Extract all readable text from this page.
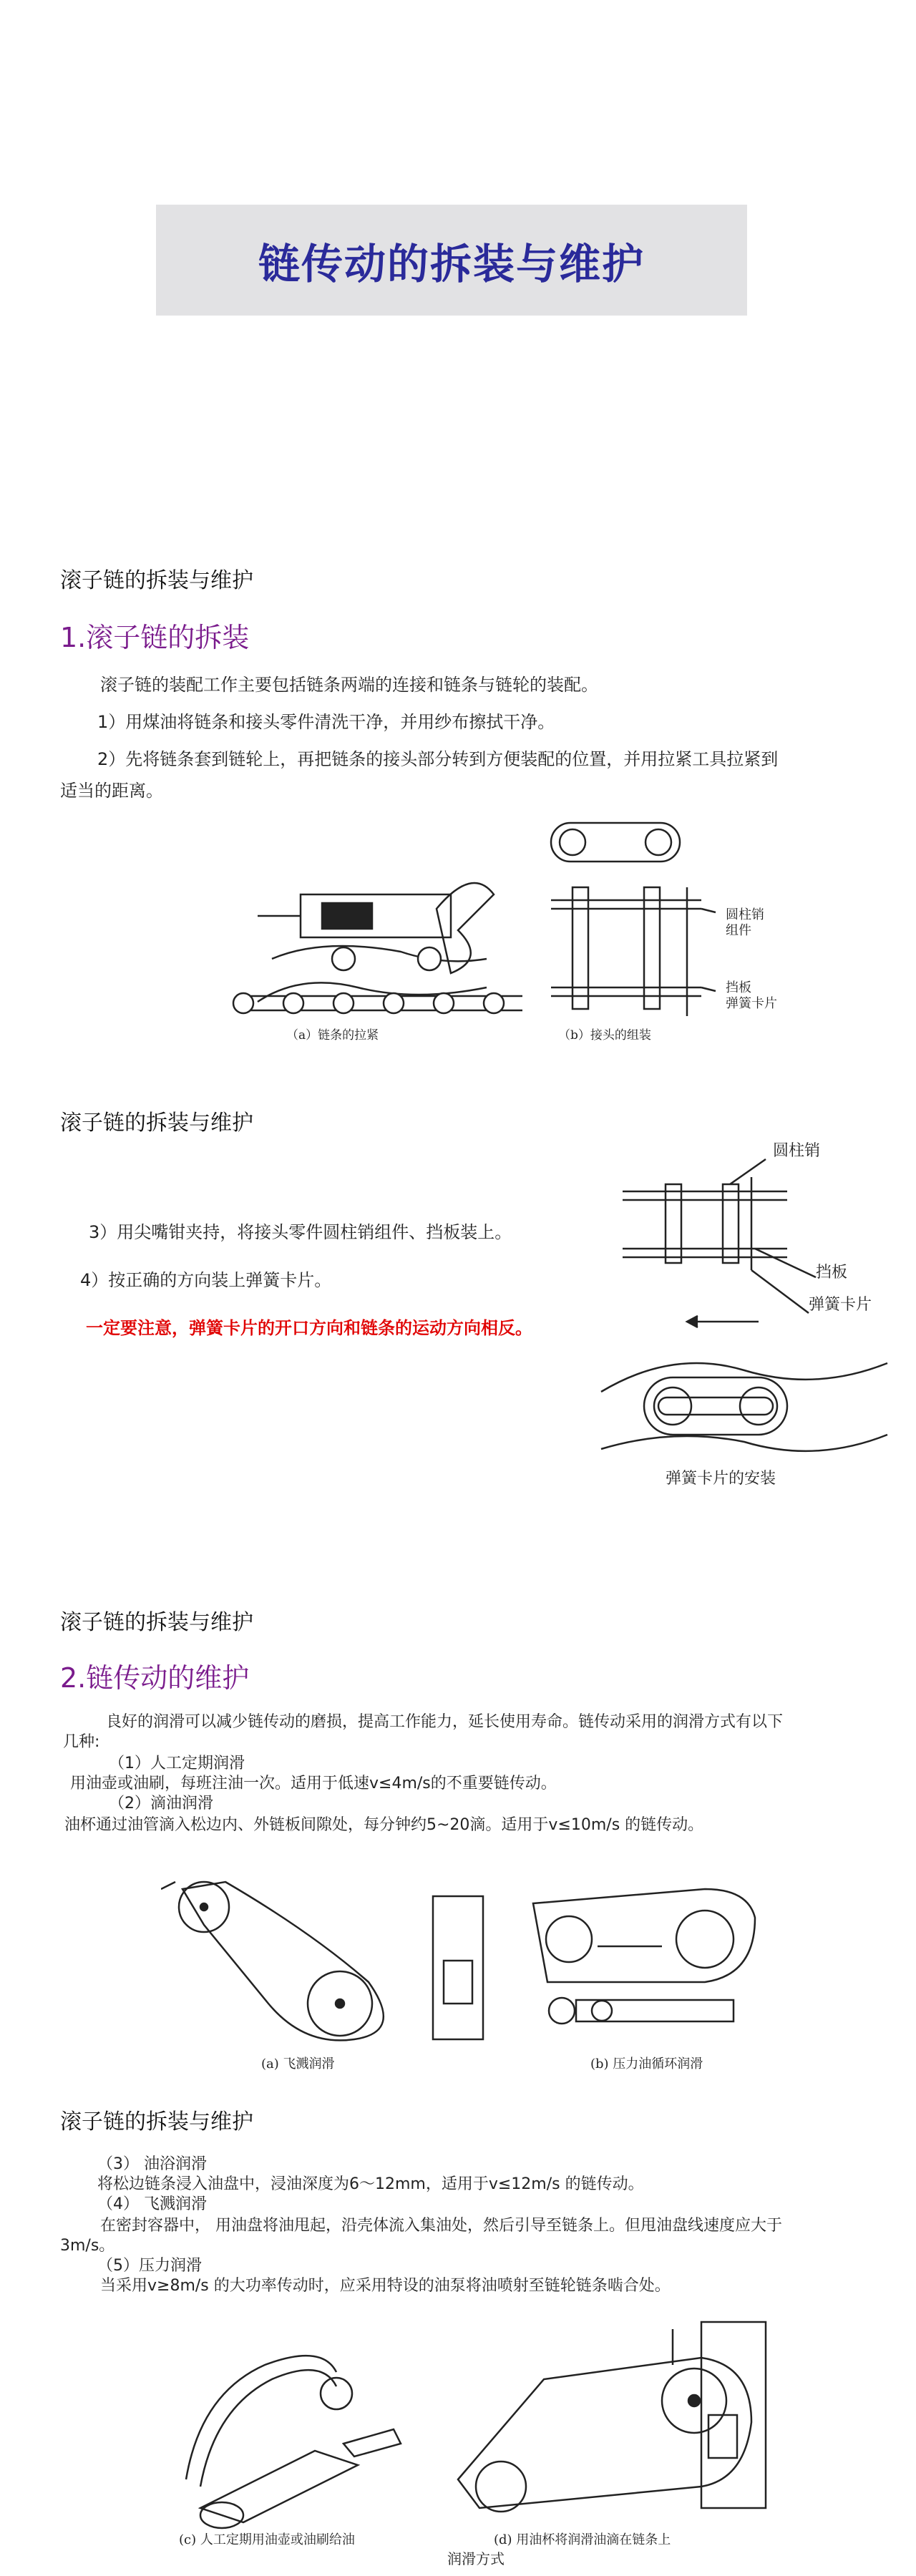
链传动的拆装与维护
滚子链的拆装与维护
1.滚子链的拆装
滚子链的装配工作主要包括链条两端的连接和链条与链轮的装配。
1）用煤油将链条和接头零件清洗干净，并用纱布擦拭干净。
2）先将链条套到链轮上，再把链条的接头部分转到方便装配的位置，并用拉紧工具拉紧到
适当的距离。
圆柱销
组件
挡板
弹簧卡片
（a）链条的拉紧	（b）接头的组装
滚子链的拆装与维护
3）用尖嘴钳夹持，将接头零件圆柱销组件、挡板装上。
4）按正确的方向装上弹簧卡片。
一定要注意，弹簧卡片的开口方向和链条的运动方向相反。
圆柱销
挡板
弹簧卡片
弹簧卡片的安装
滚子链的拆装与维护
2.链传动的维护
良好的润滑可以减少链传动的磨损，提高工作能力，延长使用寿命。链传动采用的润滑方式有以下
几种:
（1）人工定期润滑
用油壶或油刷，每班注油一次。适用于低速v≤4m/s的不重要链传动。
（2）滴油润滑
油杯通过油管滴入松边内、外链板间隙处，每分钟约5~20滴。适用于v≤10m/s 的链传动。
(a) 飞溅润滑	(b) 压力油循环润滑
滚子链的拆装与维护
（3） 油浴润滑
将松边链条浸入油盘中，浸油深度为6～12mm，适用于v≤12m/s 的链传动。
（4） 飞溅润滑
在密封容器中， 用油盘将油甩起，沿壳体流入集油处，然后引导至链条上。但甩油盘线速度应大于
3m/s。
（5）压力润滑
当采用v≥8m/s 的大功率传动时，应采用特设的油泵将油喷射至链轮链条啮合处。
(c) 人工定期用油壶或油刷给油	(d) 用油杯将润滑油滴在链条上
润滑方式
